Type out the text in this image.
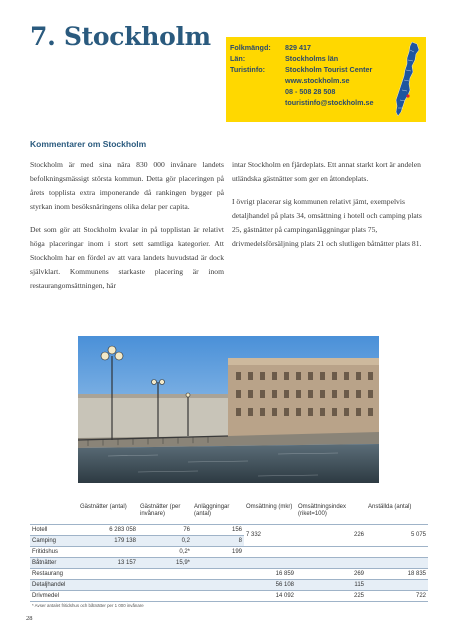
7. Stockholm	Folkmängd: 829 417
Län:	Stockholms län
Turistinfo:	Stockholm Tourist Center
www.stockholm.se
08 - 508 28 508
touristinfo@stockholm.se
Kommentarer om Stockholm

Stockholm är med sina nära 830 000 invånare landets befolkningsmässigt största kommun. Detta gör placeringen på årets topplista extra imponerande då rankingen bygger på styrkan inom besöksnäringens olika delar per capita.

Det som gör att Stockholm kvalar in på topplistan är relativt höga placeringar inom i stort sett samtliga kategorier. Att Stockholm har en fördel av att vara landets huvudstad är dock självklart. Kommunens starkaste placering är inom restaurangomsättningen, här

intar Stockholm en fjärdeplats. Ett annat starkt kort är andelen utländska gästnätter som ger en åttondeplats.

I övrigt placerar sig kommunen relativt jämt, exempelvis detaljhandel på plats 34, omsättning i hotell och camping plats 25, gästnätter på campinganläggningar plats 75, drivmedelsförsäljning plats 21 och slutligen båtnätter plats 81.

	Gästnätter (antal)	Gästnätter (per invånare)	Anläggningar (antal)	Omsättning (mkr)	Omsättningsindex (riket=100)	Anställda (antal)
Hotell	6 283 058	76	156	7 332	226	5 075
Camping	179 138	0,2	8			
Fritidshus		0,2*	199			
Båtnätter	13 157	15,9*				
Restaurang				16 859	269	18 835
Detaljhandel				56 108	115	
Drivmedel				14 092	225	722
* Avser antalet fritidshus och båtnätter per 1 000 invånare
28
